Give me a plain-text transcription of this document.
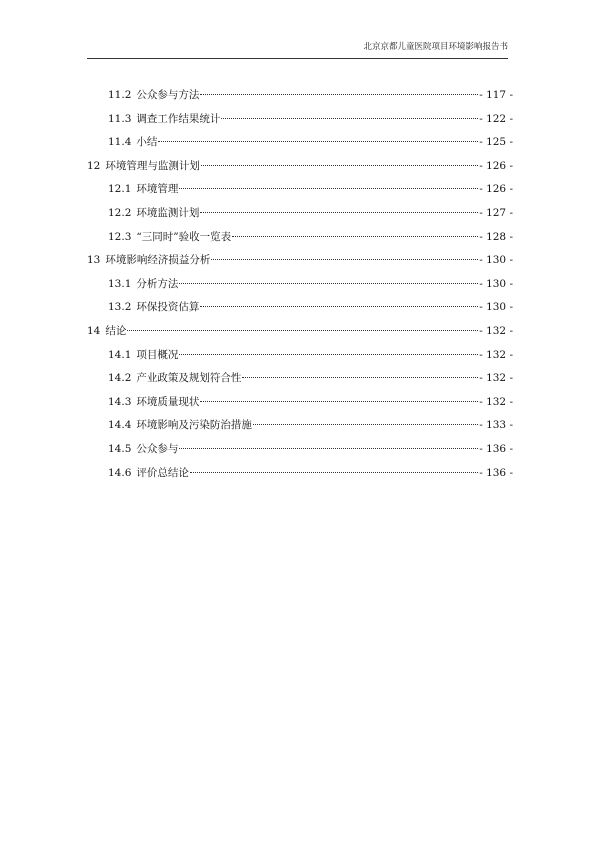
北京京都儿童医院项目环境影响报告书
11.2 公众参与方法	- 117 -
11.3 调查工作结果统计	- 122 -
11.4 小结	- 125 -
12 环境管理与监测计划	- 126 -
12.1 环境管理	- 126 -
12.2 环境监测计划	- 127 -
12.3 “三同时”验收一览表	- 128 -
13 环境影响经济损益分析	- 130 -
13.1 分析方法	- 130 -
13.2 环保投资估算	- 130 -
14 结论	- 132 -
14.1 项目概况	- 132 -
14.2 产业政策及规划符合性	- 132 -
14.3 环境质量现状	- 132 -
14.4 环境影响及污染防治措施	- 133 -
14.5 公众参与	- 136 -
14.6 评价总结论	- 136 -
